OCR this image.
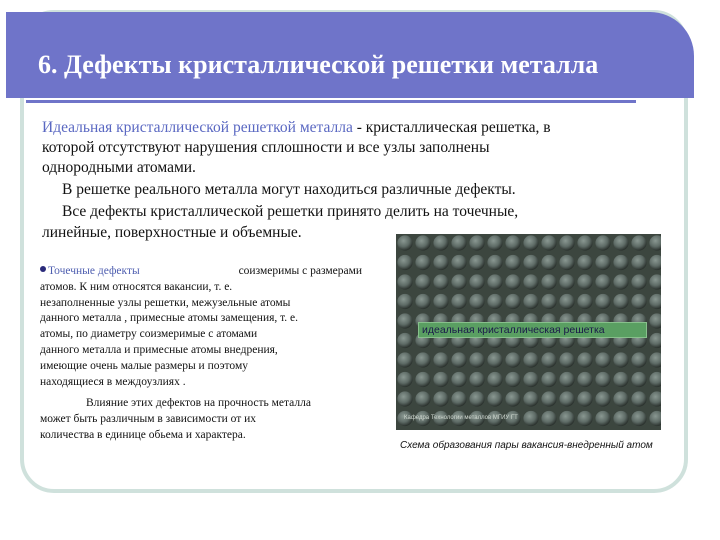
6. Дефекты кристаллической решетки металла
Идеальная кристаллической решеткой металла - кристаллическая решетка, в
которой отсутствуют нарушения сплошности и все узлы заполнены
однородными атомами.
В решетке реального металла могут находиться различные дефекты.
Все дефекты кристаллической решетки принято делить на точечные,
линейные, поверхностные и объемные.
Точечные дефекты	соизмеримы с размерами
атомов. К ним относятся вакансии, т. е.
незаполненные узлы решетки, межузельные атомы
данного металла , примесные атомы замещения, т. е.
атомы, по диаметру соизмеримые с атомами
данного металла и примесные атомы внедрения,
имеющие очень малые размеры и поэтому
находящиеся в междоузлиях .
Влияние этих дефектов на прочность металла
может быть различным в зависимости от их
количества в единице обьема и характера.
идеальная кристаллическая решетка
Кафедра Технологии металлов МГИУ ГТ
Схема образования пары вакансия-внедренный атом
